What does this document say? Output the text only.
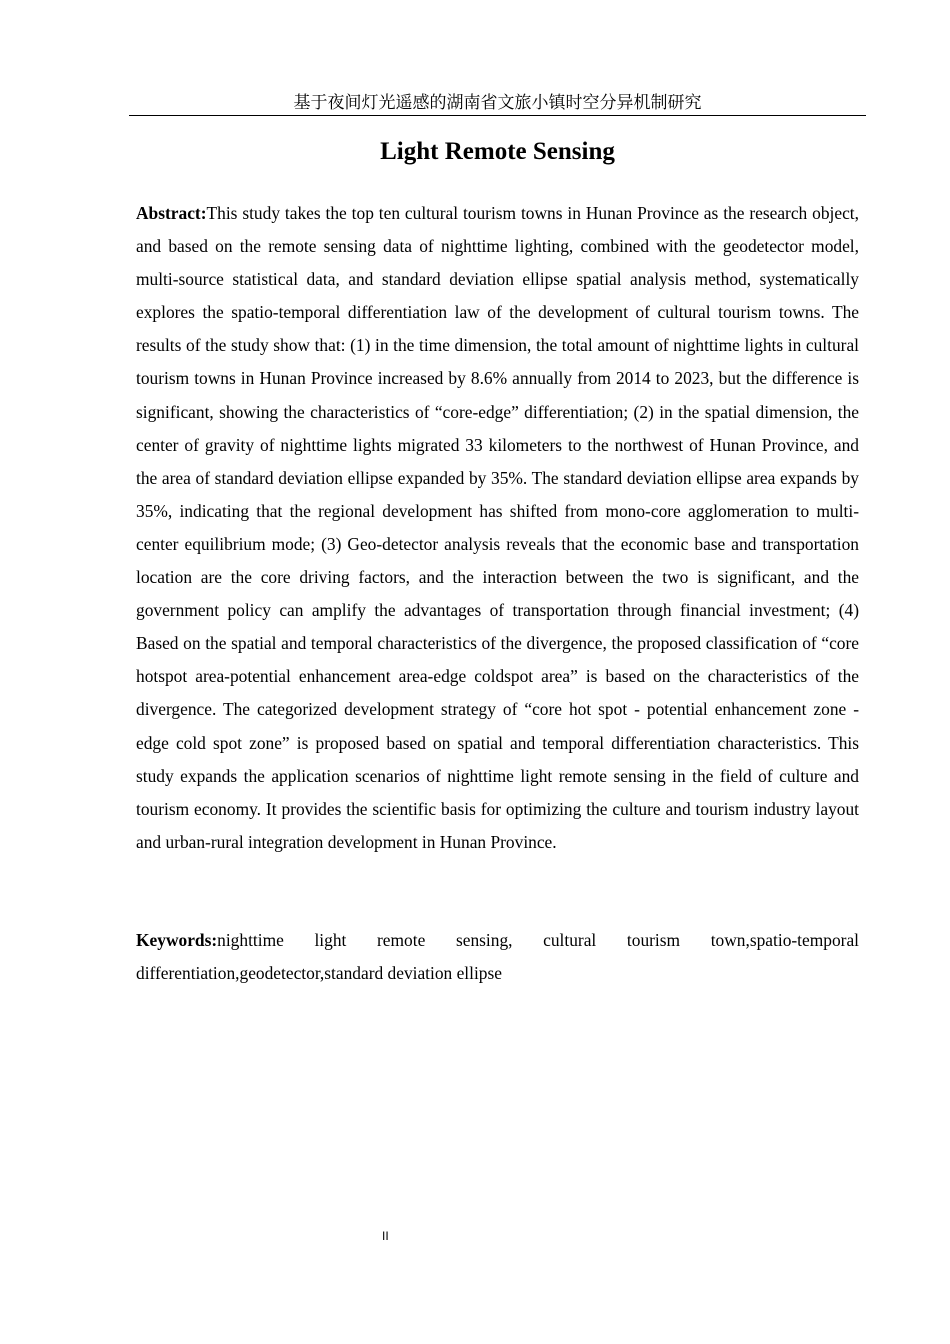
基于夜间灯光遥感的湖南省文旅小镇时空分异机制研究
Light Remote Sensing

Abstract:This study takes the top ten cultural tourism towns in Hunan Province as the research object, and based on the remote sensing data of nighttime lighting, combined with the geodetector model, multi-source statistical data, and standard deviation ellipse spatial analysis method, systematically explores the spatio-temporal differentiation law of the development of cultural tourism towns. The results of the study show that: (1) in the time dimension, the total amount of nighttime lights in cultural tourism towns in Hunan Province increased by 8.6% annually from 2014 to 2023, but the difference is significant, showing the characteristics of “core-edge” differentiation; (2) in the spatial dimension, the center of gravity of nighttime lights migrated 33 kilometers to the northwest of Hunan Province, and the area of standard deviation ellipse expanded by 35%. The standard deviation ellipse area expands by 35%, indicating that the regional development has shifted from mono-core agglomeration to multi-center equilibrium mode; (3) Geo-detector analysis reveals that the economic base and transportation location are the core driving factors, and the interaction between the two is significant, and the government policy can amplify the advantages of transportation through financial investment; (4) Based on the spatial and temporal characteristics of the divergence, the proposed classification of “core hotspot area-potential enhancement area-edge coldspot area” is based on the characteristics of the divergence. The categorized development strategy of “core hot spot - potential enhancement zone - edge cold spot zone” is proposed based on spatial and temporal differentiation characteristics. This study expands the application scenarios of nighttime light remote sensing in the field of culture and tourism economy. It provides the scientific basis for optimizing the culture and tourism industry layout and urban-rural integration development in Hunan Province.

Keywords:nighttime light remote sensing, cultural tourism town,spatio-temporal differentiation,geodetector,standard deviation ellipse

II
